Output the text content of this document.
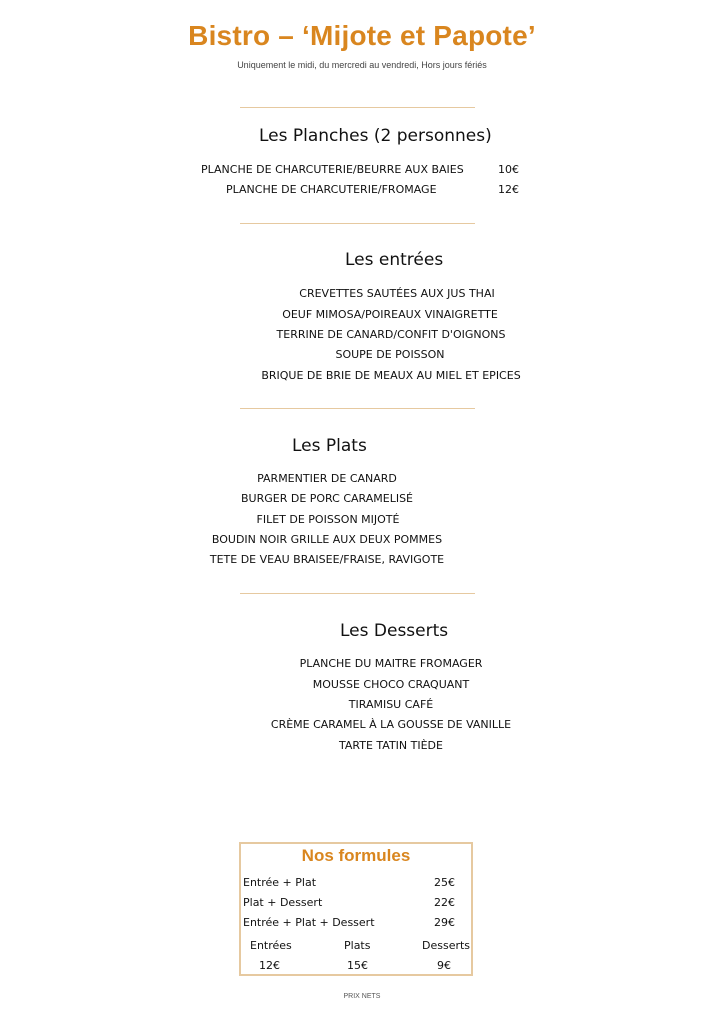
Bistro – ‘Mijote et Papote’
Uniquement le midi, du mercredi au vendredi, Hors jours fériés
Les Planches (2 personnes)
PLANCHE DE CHARCUTERIE/BEURRE AUX BAIES	10€
PLANCHE DE CHARCUTERIE/FROMAGE	12€
Les entrées
CREVETTES SAUTÉES AUX JUS THAI
OEUF MIMOSA/POIREAUX VINAIGRETTE
TERRINE DE CANARD/CONFIT D'OIGNONS
SOUPE DE POISSON
BRIQUE DE BRIE DE MEAUX AU MIEL ET EPICES
Les Plats
PARMENTIER DE CANARD
BURGER DE PORC CARAMELISÉ
FILET DE POISSON MIJOTÉ
BOUDIN NOIR GRILLE AUX DEUX POMMES
TETE DE VEAU BRAISEE/FRAISE, RAVIGOTE
Les Desserts
PLANCHE DU MAITRE FROMAGER
MOUSSE CHOCO CRAQUANT
TIRAMISU CAFÉ
CRÈME CARAMEL À LA GOUSSE DE VANILLE
TARTE TATIN TIÈDE
Nos formules
Entrée + Plat	25€
Plat + Dessert	22€
Entrée + Plat + Dessert	29€
Entrées	Plats	Desserts
12€	15€	9€
PRIX NETS
